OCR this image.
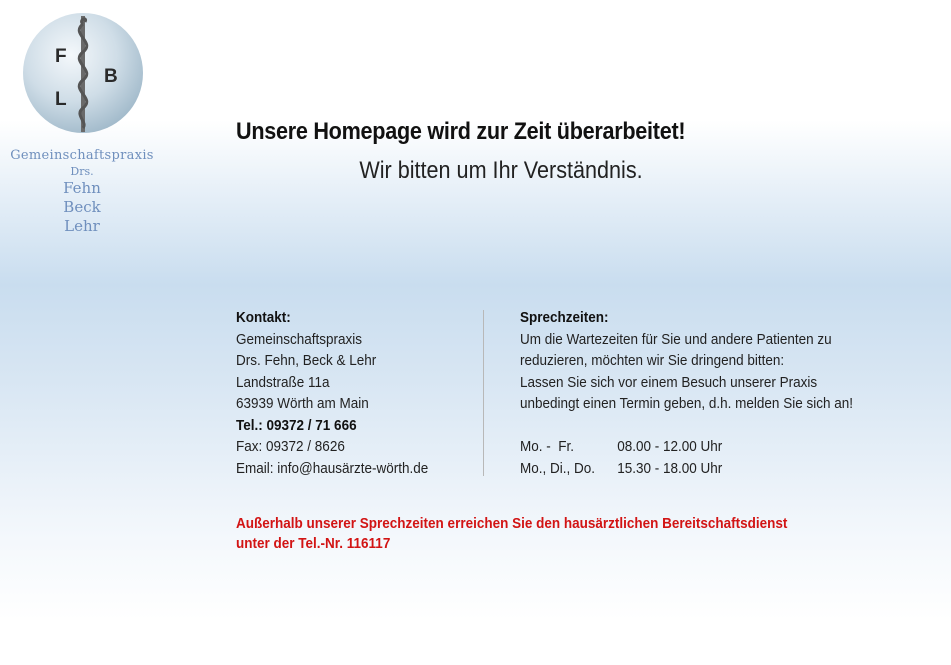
F
B
L
Gemeinschaftspraxis
Drs.
Fehn
Beck
Lehr
Unsere Homepage wird zur Zeit überarbeitet!
Wir bitten um Ihr Verständnis.
Kontakt:
Gemeinschaftspraxis
Drs. Fehn, Beck & Lehr
Landstraße 11a
63939 Wörth am Main
Tel.: 09372 / 71 666
Fax: 09372 / 8626
Email: info@hausärzte-wörth.de
Sprechzeiten:
Um die Wartezeiten für Sie und andere Patienten zu
reduzieren, möchten wir Sie dringend bitten:
Lassen Sie sich vor einem Besuch unserer Praxis
unbedingt einen Termin geben, d.h. melden Sie sich an!
Mo. -  Fr.	08.00 - 12.00 Uhr
Mo., Di., Do.	15.30 - 18.00 Uhr
Außerhalb unserer Sprechzeiten erreichen Sie den hausärztlichen Bereitschaftsdienst
unter der Tel.-Nr. 116117
